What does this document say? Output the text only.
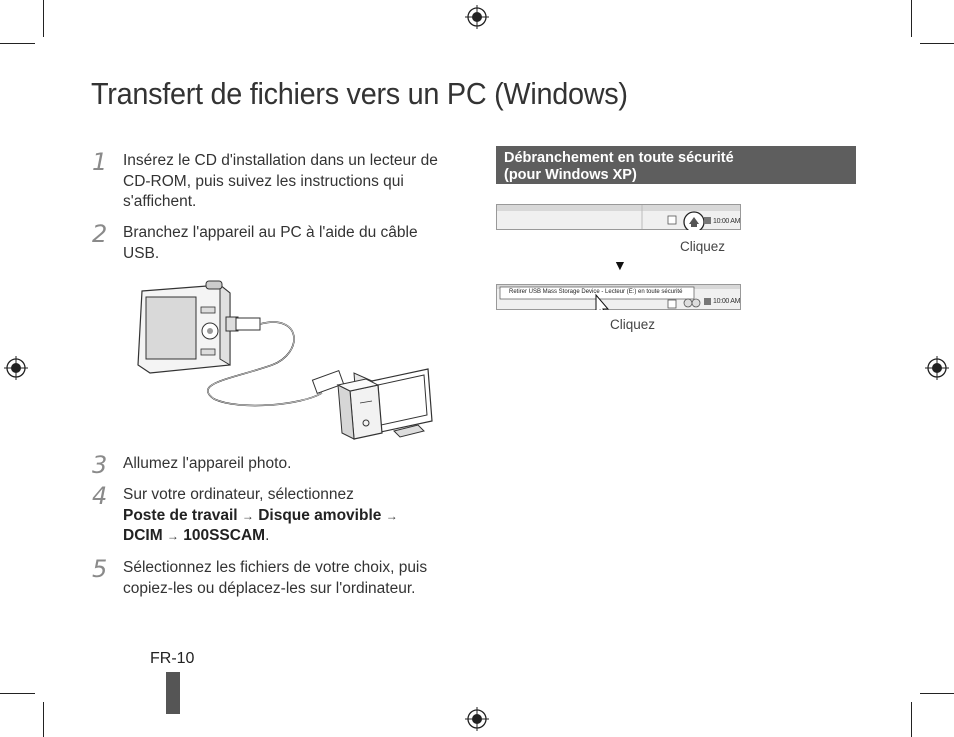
Transfert de fichiers vers un PC (Windows)
1 Insérez le CD d'installation dans un lecteur de CD-ROM, puis suivez les instructions qui s'affichent.
2 Branchez l'appareil au PC à l'aide du câble USB.
3 Allumez l'appareil photo.
4 Sur votre ordinateur, sélectionnez
Poste de travail → Disque amovible →
DCIM → 100SSCAM.
5 Sélectionnez les fichiers de votre choix, puis copiez-les ou déplacez-les sur l'ordinateur.
Débranchement en toute sécurité
(pour Windows XP)
10:00 AM
Cliquez
▼
Retirer USB Mass Storage Device - Lecteur (E:) en toute sécurité
10:00 AM
Cliquez
FR-10
